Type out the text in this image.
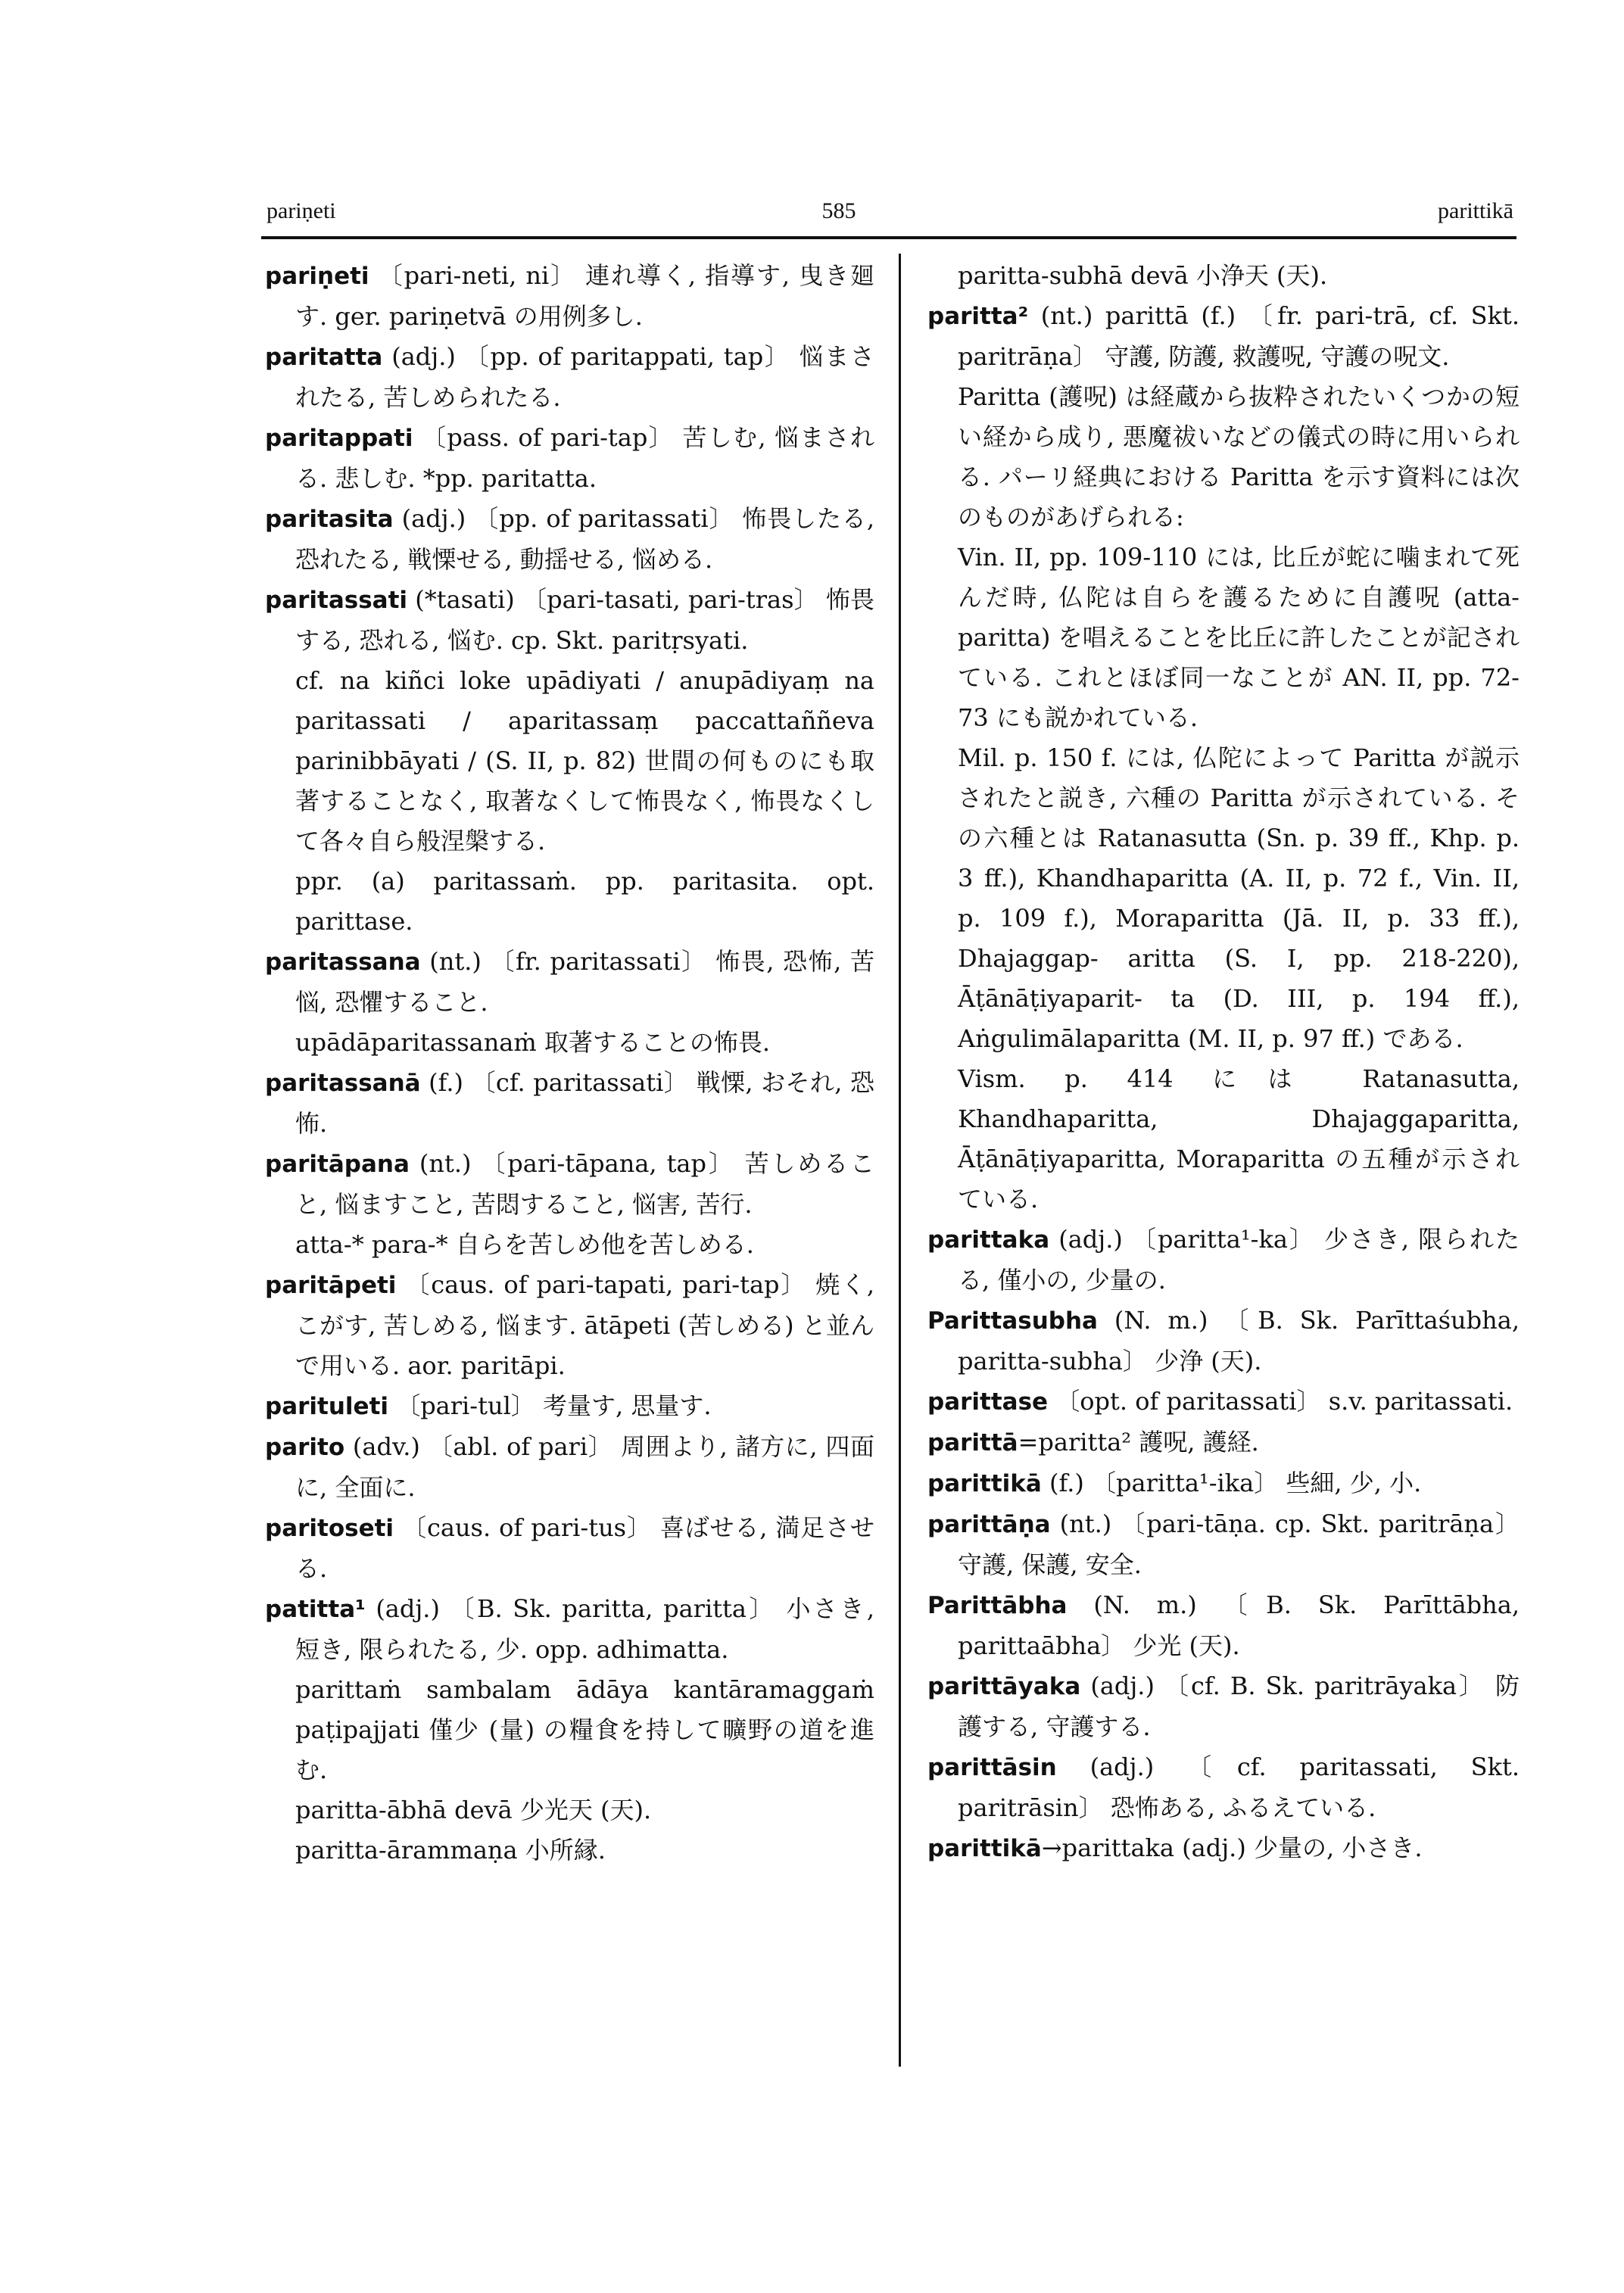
pariṇeti	585	parittikā

pariṇeti 〔pari-neti, ni〕 連れ導く, 指導す, 曳き廻す. ger. pariṇetvā の用例多し.

paritatta (adj.) 〔pp. of paritappati, tap〕 悩まされたる, 苦しめられたる.

paritappati 〔pass. of pari-tap〕 苦しむ, 悩まされる. 悲しむ. *pp. paritatta.

paritasita (adj.) 〔pp. of paritassati〕 怖畏したる, 恐れたる, 戦慄せる, 動揺せる, 悩める.

paritassati (*tasati) 〔pari-tasati, pari-tras〕 怖畏する, 恐れる, 悩む. cp. Skt. paritṛsyati.

cf. na kiñci loke upādiyati / anupādiyaṃ na paritassati / aparitassaṃ paccattaññeva parinibbāyati / (S. II, p. 82) 世間の何ものにも取著することなく, 取著なくして怖畏なく, 怖畏なくして各々自ら般涅槃する.

ppr. (a) paritassaṁ. pp. paritasita. opt. parittase.

paritassana (nt.) 〔fr. paritassati〕 怖畏, 恐怖, 苦悩, 恐懼すること.

upādāparitassanaṁ 取著することの怖畏.

paritassanā (f.) 〔cf. paritassati〕 戦慄, おそれ, 恐怖.

paritāpana (nt.) 〔pari-tāpana, tap〕 苦しめること, 悩ますこと, 苦悶すること, 悩害, 苦行.

atta-* para-* 自らを苦しめ他を苦しめる.

paritāpeti 〔caus. of pari-tapati, pari-tap〕 焼く, こがす, 苦しめる, 悩ます. ātāpeti (苦しめる) と並んで用いる. aor. paritāpi.

parituleti 〔pari-tul〕 考量す, 思量す.

parito (adv.) 〔abl. of pari〕 周囲より, 諸方に, 四面に, 全面に.

paritoseti 〔caus. of pari-tus〕 喜ばせる, 満足させる.

patitta¹ (adj.) 〔B. Sk. paritta, paritta〕 小さき, 短き, 限られたる, 少. opp. adhimatta.

parittaṁ sambalam ādāya kantāramaggaṁ paṭipajjati 僅少 (量) の糧食を持して曠野の道を進む.

paritta-ābhā devā 少光天 (天).

paritta-ārammaṇa 小所縁.

paritta-subhā devā 小浄天 (天).

paritta² (nt.) parittā (f.) 〔fr. pari-trā, cf. Skt. paritrāṇa〕 守護, 防護, 救護呪, 守護の呪文.

Paritta (護呪) は経蔵から抜粋されたいくつかの短い経から成り, 悪魔祓いなどの儀式の時に用いられる. パーリ経典における Paritta を示す資料には次のものがあげられる:

Vin. II, pp. 109-110 には, 比丘が蛇に噛まれて死んだ時, 仏陀は自らを護るために自護呪 (atta-paritta) を唱えることを比丘に許したことが記されている. これとほぼ同一なことが AN. II, pp. 72-73 にも説かれている.

Mil. p. 150 f. には, 仏陀によって Paritta が説示されたと説き, 六種の Paritta が示されている. その六種とは Ratanasutta (Sn. p. 39 ff., Khp. p. 3 ff.), Khandhaparitta (A. II, p. 72 f., Vin. II, p. 109 f.), Moraparitta (Jā. II, p. 33 ff.), Dhajaggap- aritta (S. I, pp. 218-220), Āṭānāṭiyaparit- ta (D. III, p. 194 ff.), Aṅgulimālaparitta (M. II, p. 97 ff.) である.

Vism. p. 414 には Ratanasutta, Khandhaparitta, Dhajaggaparitta, Āṭānāṭiyaparitta, Moraparitta の五種が示されている.

parittaka (adj.) 〔paritta¹-ka〕 少さき, 限られたる, 僅小の, 少量の.

Parittasubha (N. m.) 〔B. Sk. Parīttaśubha, paritta-subha〕 少浄 (天).

parittase 〔opt. of paritassati〕 s.v. paritassati.

parittā=paritta² 護呪, 護経.

parittikā (f.) 〔paritta¹-ika〕 些細, 少, 小.

parittāṇa (nt.) 〔pari-tāṇa. cp. Skt. paritrāṇa〕 守護, 保護, 安全.

Parittābha (N. m.) 〔B. Sk. Parīttābha, parittaābha〕 少光 (天).

parittāyaka (adj.) 〔cf. B. Sk. paritrāyaka〕 防護する, 守護する.

parittāsin (adj.) 〔cf. paritassati, Skt. paritrāsin〕 恐怖ある, ふるえている.

parittikā→parittaka (adj.) 少量の, 小さき.
